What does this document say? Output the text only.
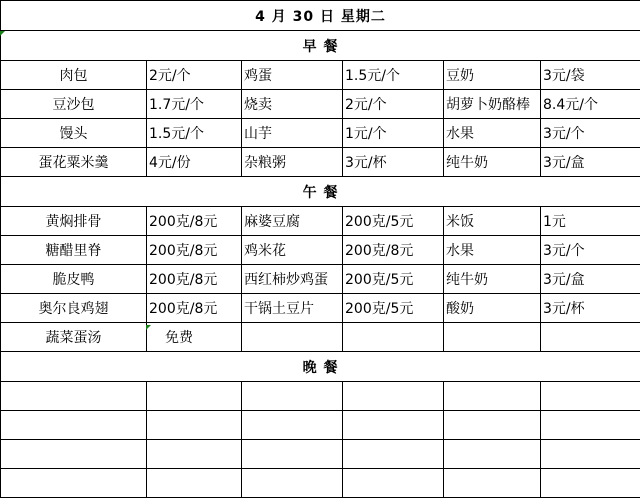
4 月 30 日 星期二					
早 餐					
肉包	2元/个	鸡蛋	1.5元/个	豆奶	3元/袋
豆沙包	1.7元/个	烧卖	2元/个	胡萝卜奶酪棒	8.4元/个
馒头	1.5元/个	山芋	1元/个	水果	3元/个
蛋花粟米羹	4元/份	杂粮粥	3元/杯	纯牛奶	3元/盒
午 餐					
黄焖排骨	200克/8元	麻婆豆腐	200克/5元	米饭	1元
糖醋里脊	200克/8元	鸡米花	200克/8元	水果	3元/个
脆皮鸭	200克/8元	西红柿炒鸡蛋	200克/5元	纯牛奶	3元/盒
奥尔良鸡翅	200克/8元	干锅土豆片	200克/5元	酸奶	3元/杯
蔬菜蛋汤	免费				
晚 餐					
